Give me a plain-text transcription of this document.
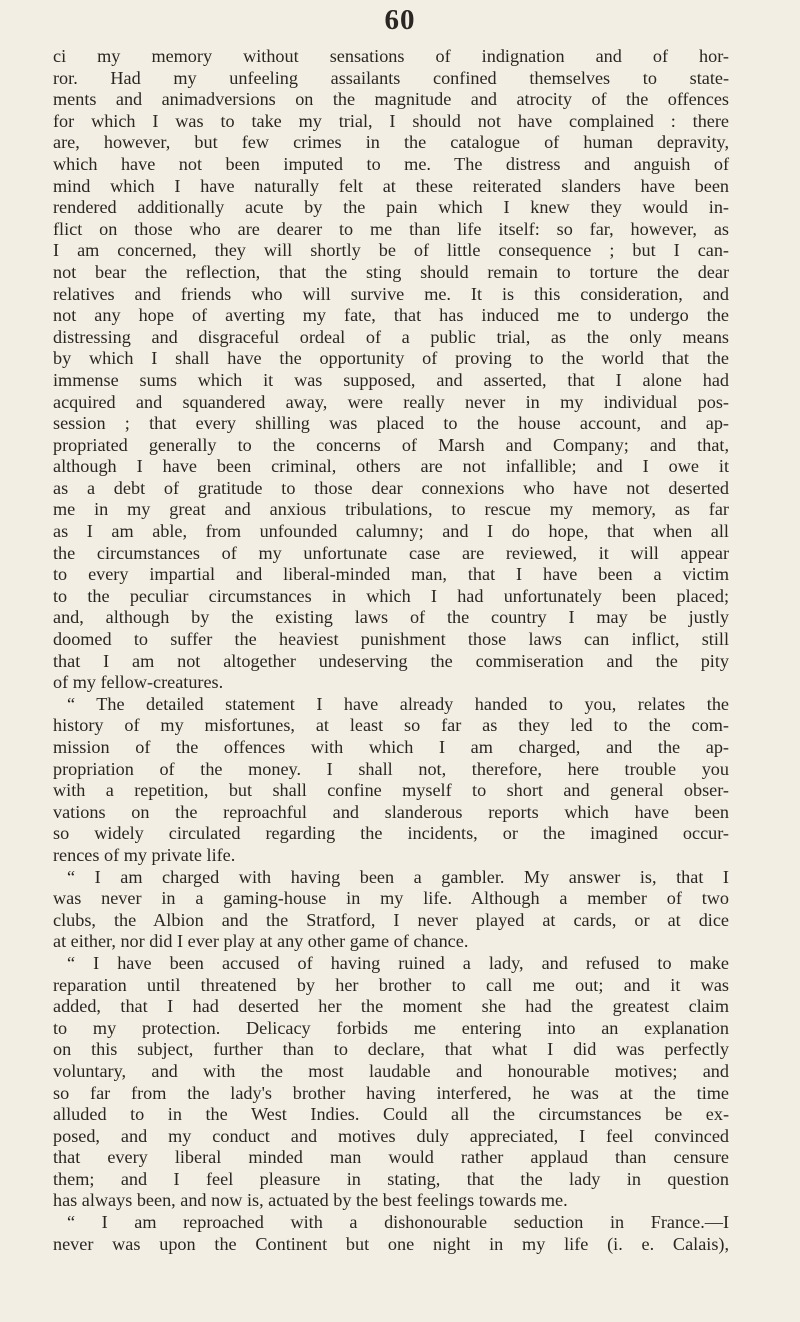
60
ci my memory without sensations of indignation and of hor-
ror. Had my unfeeling assailants confined themselves to state-
ments and animadversions on the magnitude and atrocity of the offences
for which I was to take my trial, I should not have complained : there
are, however, but few crimes in the catalogue of human depravity,
which have not been imputed to me. The distress and anguish of
mind which I have naturally felt at these reiterated slanders have been
rendered additionally acute by the pain which I knew they would in-
flict on those who are dearer to me than life itself: so far, however, as
I am concerned, they will shortly be of little consequence ; but I can-
not bear the reflection, that the sting should remain to torture the dear
relatives and friends who will survive me. It is this consideration, and
not any hope of averting my fate, that has induced me to undergo the
distressing and disgraceful ordeal of a public trial, as the only means
by which I shall have the opportunity of proving to the world that the
immense sums which it was supposed, and asserted, that I alone had
acquired and squandered away, were really never in my individual pos-
session ; that every shilling was placed to the house account, and ap-
propriated generally to the concerns of Marsh and Company; and that,
although I have been criminal, others are not infallible; and I owe it
as a debt of gratitude to those dear connexions who have not deserted
me in my great and anxious tribulations, to rescue my memory, as far
as I am able, from unfounded calumny; and I do hope, that when all
the circumstances of my unfortunate case are reviewed, it will appear
to every impartial and liberal-minded man, that I have been a victim
to the peculiar circumstances in which I had unfortunately been placed;
and, although by the existing laws of the country I may be justly
doomed to suffer the heaviest punishment those laws can inflict, still
that I am not altogether undeserving the commiseration and the pity
of my fellow-creatures.
“ The detailed statement I have already handed to you, relates the
history of my misfortunes, at least so far as they led to the com-
mission of the offences with which I am charged, and the ap-
propriation of the money. I shall not, therefore, here trouble you
with a repetition, but shall confine myself to short and general obser-
vations on the reproachful and slanderous reports which have been
so widely circulated regarding the incidents, or the imagined occur-
rences of my private life.
“ I am charged with having been a gambler. My answer is, that I
was never in a gaming-house in my life. Although a member of two
clubs, the Albion and the Stratford, I never played at cards, or at dice
at either, nor did I ever play at any other game of chance.
“ I have been accused of having ruined a lady, and refused to make
reparation until threatened by her brother to call me out; and it was
added, that I had deserted her the moment she had the greatest claim
to my protection. Delicacy forbids me entering into an explanation
on this subject, further than to declare, that what I did was perfectly
voluntary, and with the most laudable and honourable motives; and
so far from the lady's brother having interfered, he was at the time
alluded to in the West Indies. Could all the circumstances be ex-
posed, and my conduct and motives duly appreciated, I feel convinced
that every liberal minded man would rather applaud than censure
them; and I feel pleasure in stating, that the lady in question
has always been, and now is, actuated by the best feelings towards me.
“ I am reproached with a dishonourable seduction in France.—I
never was upon the Continent but one night in my life (i. e. Calais),
